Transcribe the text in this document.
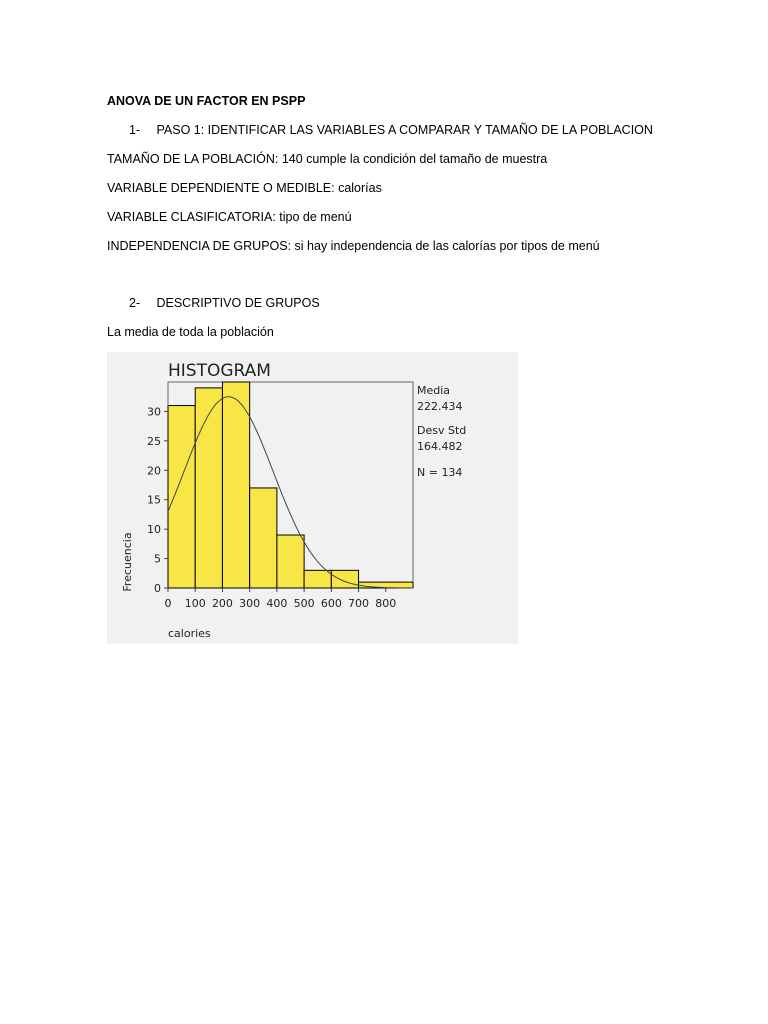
ANOVA DE UN FACTOR EN PSPP
1- PASO 1: IDENTIFICAR LAS VARIABLES A COMPARAR Y TAMAÑO DE LA POBLACION
TAMAÑO DE LA POBLACIÓN: 140 cumple la condición del tamaño de muestra
VARIABLE DEPENDIENTE O MEDIBLE: calorías
VARIABLE CLASIFICATORIA: tipo de menú
INDEPENDENCIA DE GRUPOS: si hay independencia de las calorías por tipos de menú
2- DESCRIPTIVO DE GRUPOS
La media de toda la población
0
5
10
15
20
25
30
0 100 200 300 400 500 600 700 800
HISTOGRAM
Frecuencia
calories
Media
222.434
Desv Std
164.482
N = 134
